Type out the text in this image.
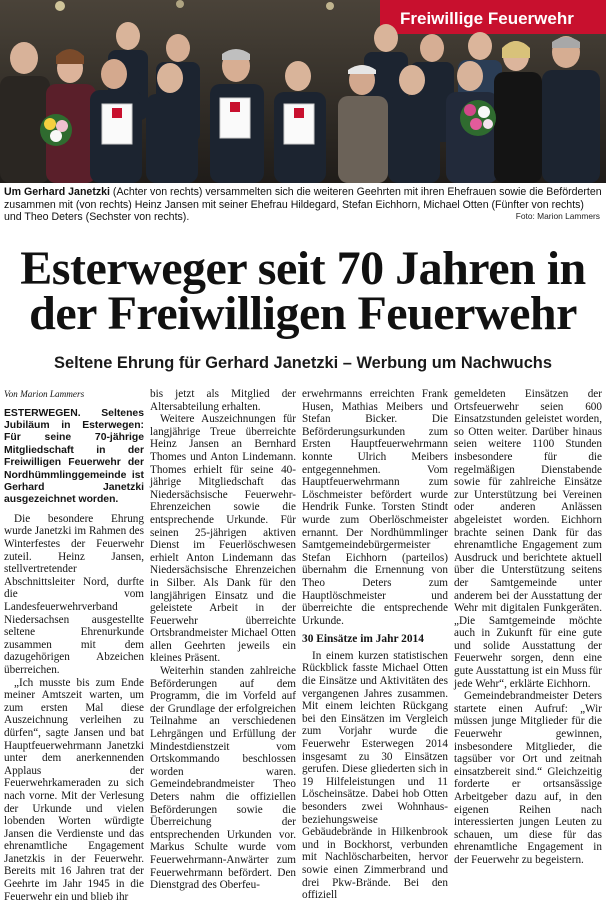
Freiwillige Feuerwehr
Um Gerhard Janetzki (Achter von rechts) versammelten sich die weiteren Geehrten mit ihren Ehefrauen sowie die Beförderten zusammen mit (von rechts) Heinz Jansen mit seiner Ehefrau Hildegard, Stefan Eichhorn, Michael Otten (Fünfter von rechts) und Theo Deters (Sechster von rechts).	Foto: Marion Lammers
Esterweger seit 70 Jahren in
der Freiwilligen Feuerwehr
Seltene Ehrung für Gerhard Janetzki – Werbung um Nachwuchs

Von Marion Lammers

ESTERWEGEN. Seltenes Jubiläum in Esterwegen: Für seine 70-jährige Mitgliedschaft in der Freiwilligen Feuerwehr der Nordhümmlinggemeinde ist Gerhard Janetzki ausgezeichnet worden.

Die besondere Ehrung wurde Janetzki im Rahmen des Winterfestes der Feuerwehr zuteil. Heinz Jansen, stellvertretender Abschnittsleiter Nord, durfte die vom Landesfeuerwehrverband Niedersachsen ausgestellte seltene Ehrenurkunde zusammen mit dem dazugehörigen Abzeichen überreichen.

„Ich musste bis zum Ende meiner Amtszeit warten, um zum ersten Mal diese Auszeichnung verleihen zu dürfen“, sagte Jansen und bat Hauptfeuerwehrmann Janetzki unter dem anerkennenden Applaus der Feuerwehrkameraden zu sich nach vorne. Mit der Verlesung der Urkunde und vielen lobenden Worten würdigte Jansen die Verdienste und das ehrenamtliche Engagement Janetzkis in der Feuerwehr. Bereits mit 16 Jahren trat der Geehrte im Jahr 1945 in die Feuerwehr ein und blieb ihr

bis jetzt als Mitglied der Altersabteilung erhalten.

Weitere Auszeichnungen für langjährige Treue überreichte Heinz Jansen an Bernhard Thomes und Anton Lindemann. Thomes erhielt für seine 40-jährige Mitgliedschaft das Niedersächsische Feuerwehr-Ehrenzeichen sowie die entsprechende Urkunde. Für seinen 25-jährigen aktiven Dienst im Feuerlöschwesen erhielt Anton Lindemann das Niedersächsische Ehrenzeichen in Silber. Als Dank für den langjährigen Einsatz und die geleistete Arbeit in der Feuerwehr überreichte Ortsbrandmeister Michael Otten allen Geehrten jeweils ein kleines Präsent.

Weiterhin standen zahlreiche Beförderungen auf dem Programm, die im Vorfeld auf der Grundlage der erfolgreichen Teilnahme an verschiedenen Lehrgängen und Erfüllung der Mindestdienstzeit vom Ortskommando beschlossen worden waren. Gemeindebrandmeister Theo Deters nahm die offiziellen Beförderungen sowie die Überreichung der entsprechenden Urkunden vor. Markus Schulte wurde vom Feuerwehrmann-Anwärter zum Feuerwehrmann befördert. Den Dienstgrad des Oberfeu-

erwehrmanns erreichten Frank Husen, Mathias Meibers und Stefan Bicker. Die Beförderungsurkunden zum Ersten Hauptfeuerwehrmann konnte Ulrich Meibers entgegennehmen. Vom Hauptfeuerwehrmann zum Löschmeister befördert wurde Hendrik Funke. Torsten Stindt wurde zum Oberlöschmeister ernannt. Der Nordhümmlinger Samtgemeindebürgermeister Stefan Eichhorn (parteilos) übernahm die Ernennung von Theo Deters zum Hauptlöschmeister und überreichte die entsprechende Urkunde.

30 Einsätze im Jahr 2014

In einem kurzen statistischen Rückblick fasste Michael Otten die Einsätze und Aktivitäten des vergangenen Jahres zusammen. Mit einem leichten Rückgang bei den Einsätzen im Vergleich zum Vorjahr wurde die Feuerwehr Esterwegen 2014 insgesamt zu 30 Einsätzen gerufen. Diese gliederten sich in 19 Hilfeleistungen und 11 Löscheinsätze. Dabei hob Otten besonders zwei Wohnhaus- beziehungsweise Gebäudebrände in Hilkenbrook und in Bockhorst, verbunden mit Nachlöscharbeiten, hervor sowie einen Zimmerbrand und drei Pkw-Brände. Bei den offiziell

gemeldeten Einsätzen der Ortsfeuerwehr seien 600 Einsatzstunden geleistet worden, so Otten weiter. Darüber hinaus seien weitere 1100 Stunden insbesondere für die regelmäßigen Dienstabende sowie für zahlreiche Einsätze zur Unterstützung bei Vereinen oder anderen Anlässen abgeleistet worden. Eichhorn brachte seinen Dank für das ehrenamtliche Engagement zum Ausdruck und berichtete aktuell über die Unterstützung seitens der Samtgemeinde unter anderem bei der Ausstattung der Wehr mit digitalen Funkgeräten. „Die Samtgemeinde möchte auch in Zukunft für eine gute und solide Ausstattung der Feuerwehr sorgen, denn eine gute Ausstattung ist ein Muss für jede Wehr“, erklärte Eichhorn.

Gemeindebrandmeister Deters startete einen Aufruf: „Wir müssen junge Mitglieder für die Feuerwehr gewinnen, insbesondere Mitglieder, die tagsüber vor Ort und zeitnah einsatzbereit sind.“ Gleichzeitig forderte er ortsansässige Arbeitgeber dazu auf, in den eigenen Reihen nach interessierten jungen Leuten zu schauen, um diese für das ehrenamtliche Engagement in der Feuerwehr zu begeistern.
